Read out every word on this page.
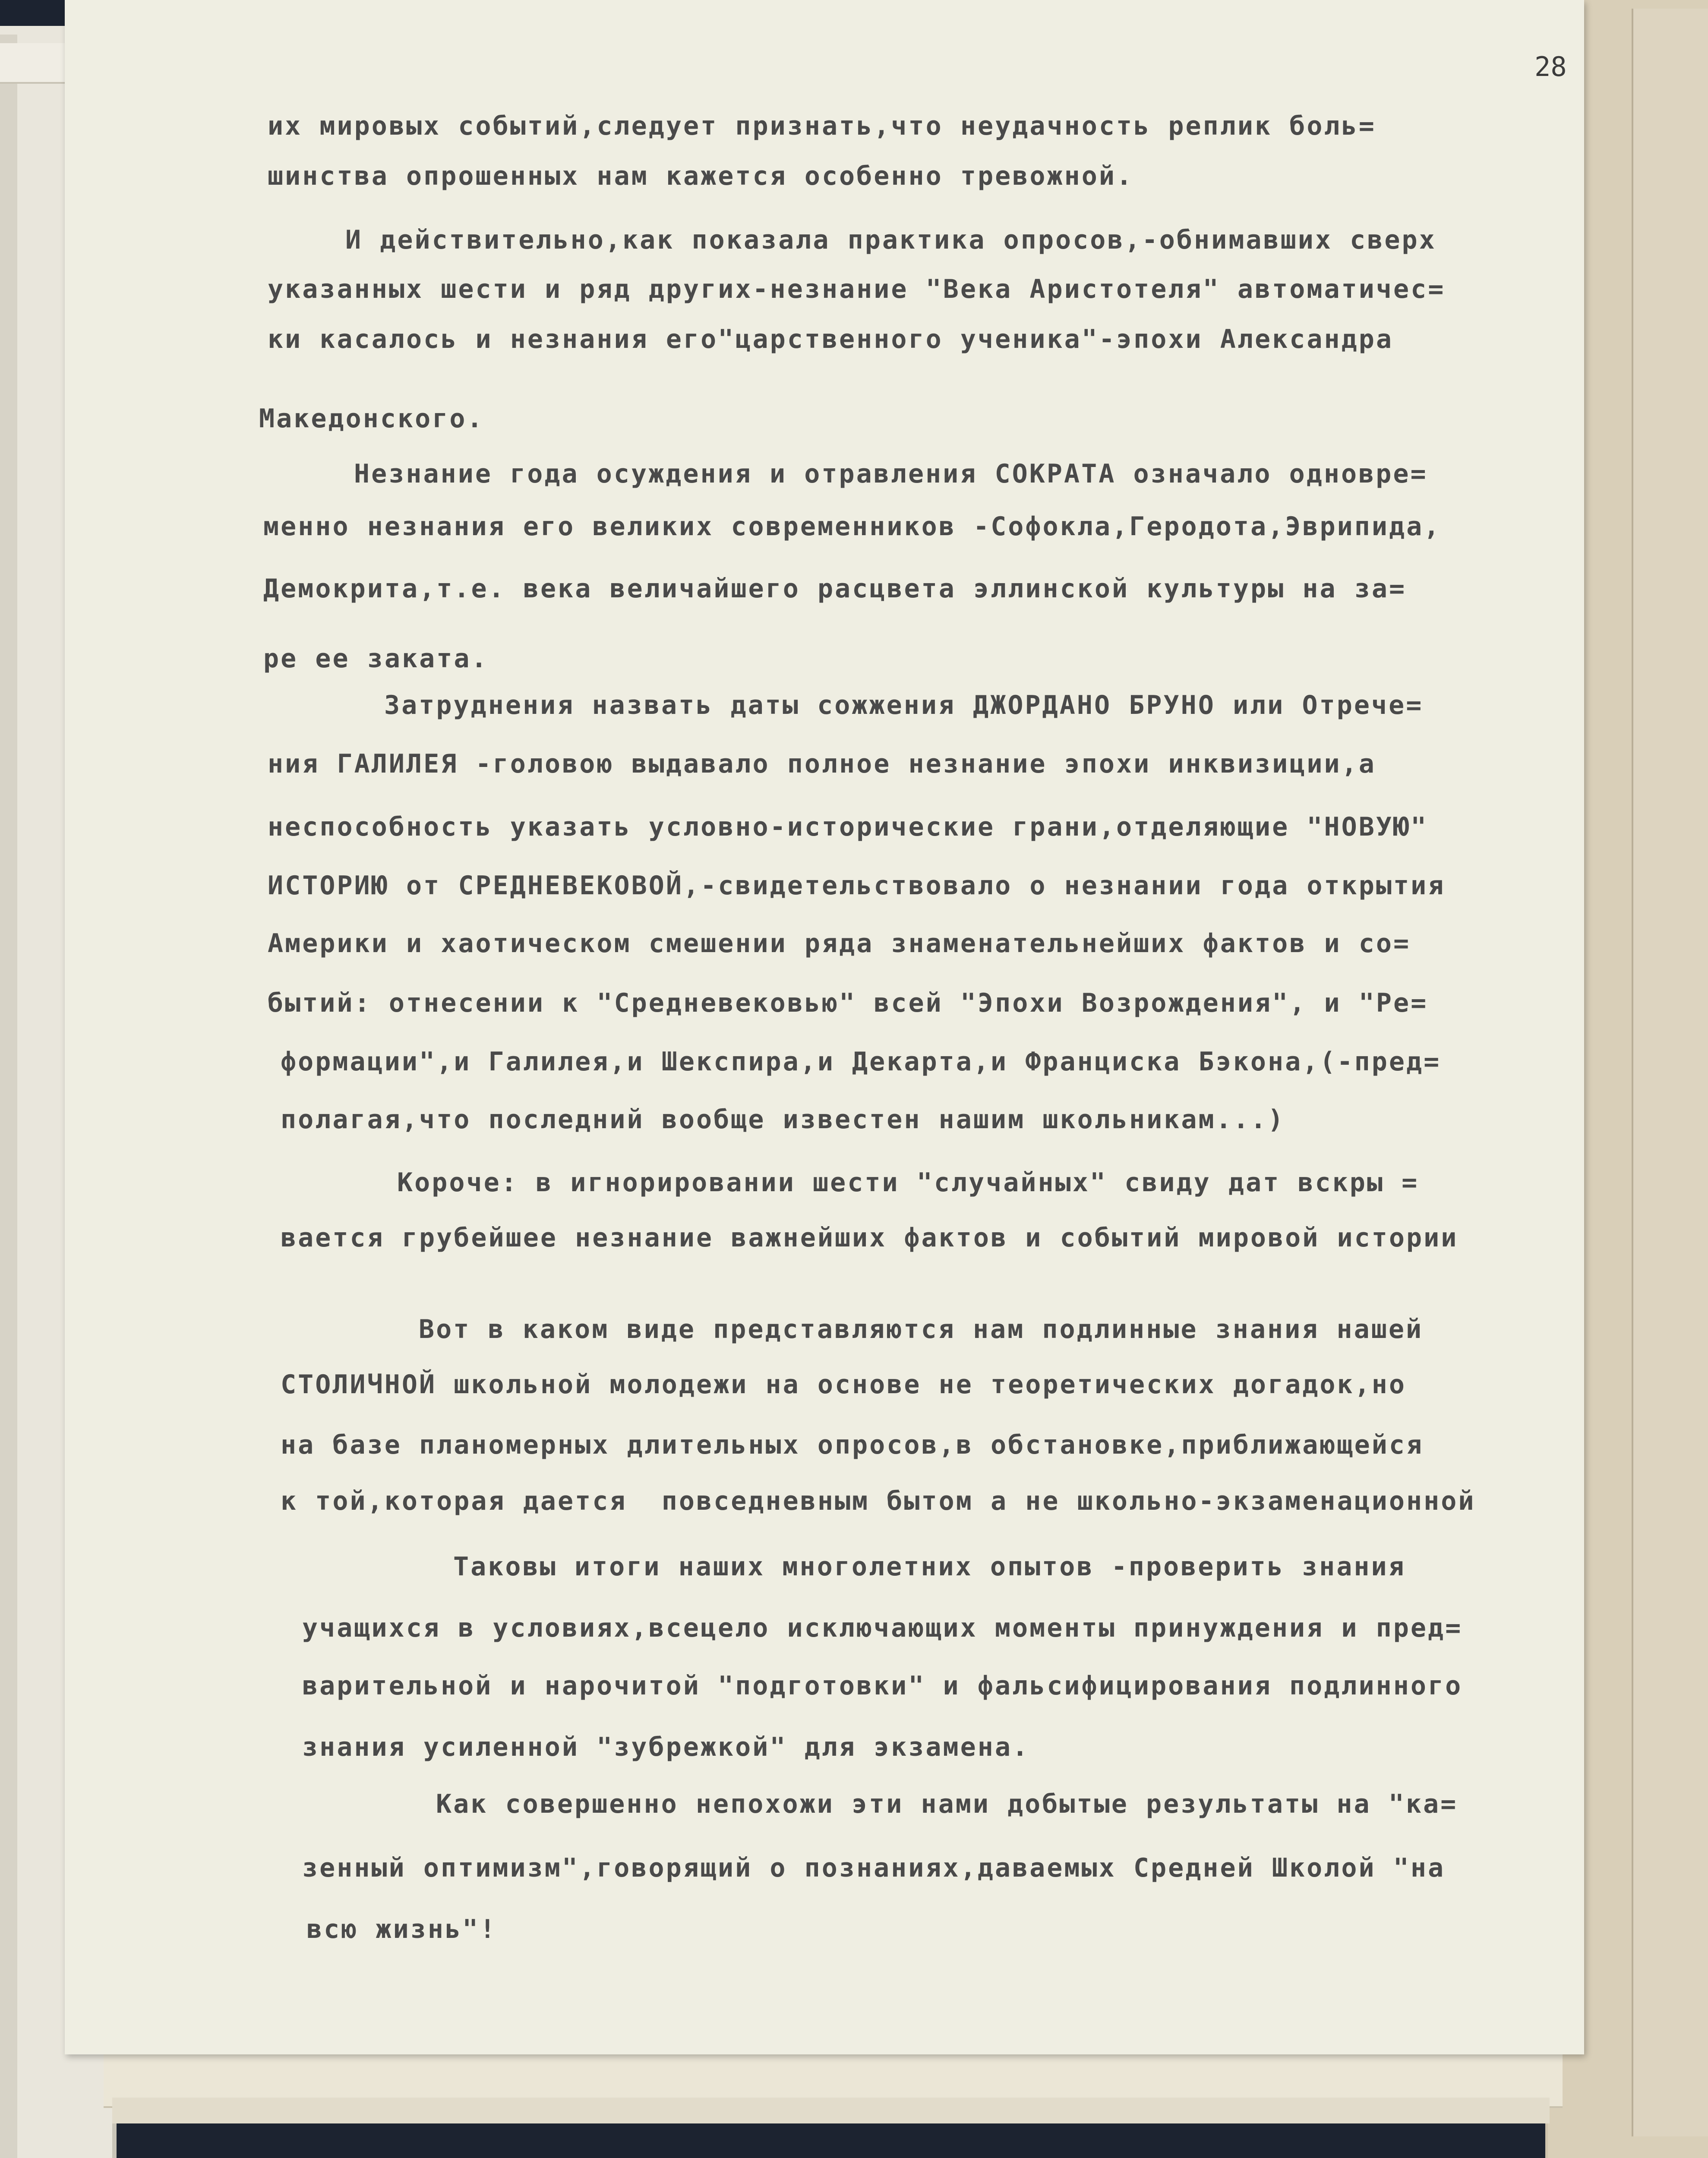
28
их мировых событий,следует признать,что неудачность реплик боль=
шинства опрошенных нам кажется особенно тревожной.
И действительно,как показала практика опросов,-обнимавших сверх
указанных шести и ряд других-незнание "Века Аристотеля" автоматичес=
ки касалось и незнания его"царственного ученика"-эпохи Александра
Македонского.
Незнание года осуждения и отравления СОКРАТА означало одновре=
менно незнания его великих современников -Софокла,Геродота,Эврипида,
Демокрита,т.е. века величайшего расцвета эллинской культуры на за=
ре ее заката.
Затруднения назвать даты сожжения ДЖОРДАНО БРУНО или Отрече=
ния ГАЛИЛЕЯ -головою выдавало полное незнание эпохи инквизиции,а
неспособность указать условно-исторические грани,отделяющие "НОВУЮ"
ИСТОРИЮ от СРЕДНЕВЕКОВОЙ,-свидетельствовало о незнании года открытия
Америки и хаотическом смешении ряда знаменательнейших фактов и со=
бытий: отнесении к "Средневековью" всей "Эпохи Возрождения", и "Ре=
формации",и Галилея,и Шекспира,и Декарта,и Франциска Бэкона,(-пред=
полагая,что последний вообще известен нашим школьникам...)
Короче: в игнорировании шести "случайных" свиду дат вскры =
вается грубейшее незнание важнейших фактов и событий мировой истории
Вот в каком виде представляются нам подлинные знания нашей
СТОЛИЧНОЙ школьной молодежи на основе не теоретических догадок,но
на базе планомерных длительных опросов,в обстановке,приближающейся
к той,которая дается  повседневным бытом а не школьно-экзаменационной
Таковы итоги наших многолетних опытов -проверить знания
учащихся в условиях,всецело исключающих моменты принуждения и пред=
варительной и нарочитой "подготовки" и фальсифицирования подлинного
знания усиленной "зубрежкой" для экзамена.
Как совершенно непохожи эти нами добытые результаты на "ка=
зенный оптимизм",говорящий о познаниях,даваемых Средней Школой "на
всю жизнь"!
